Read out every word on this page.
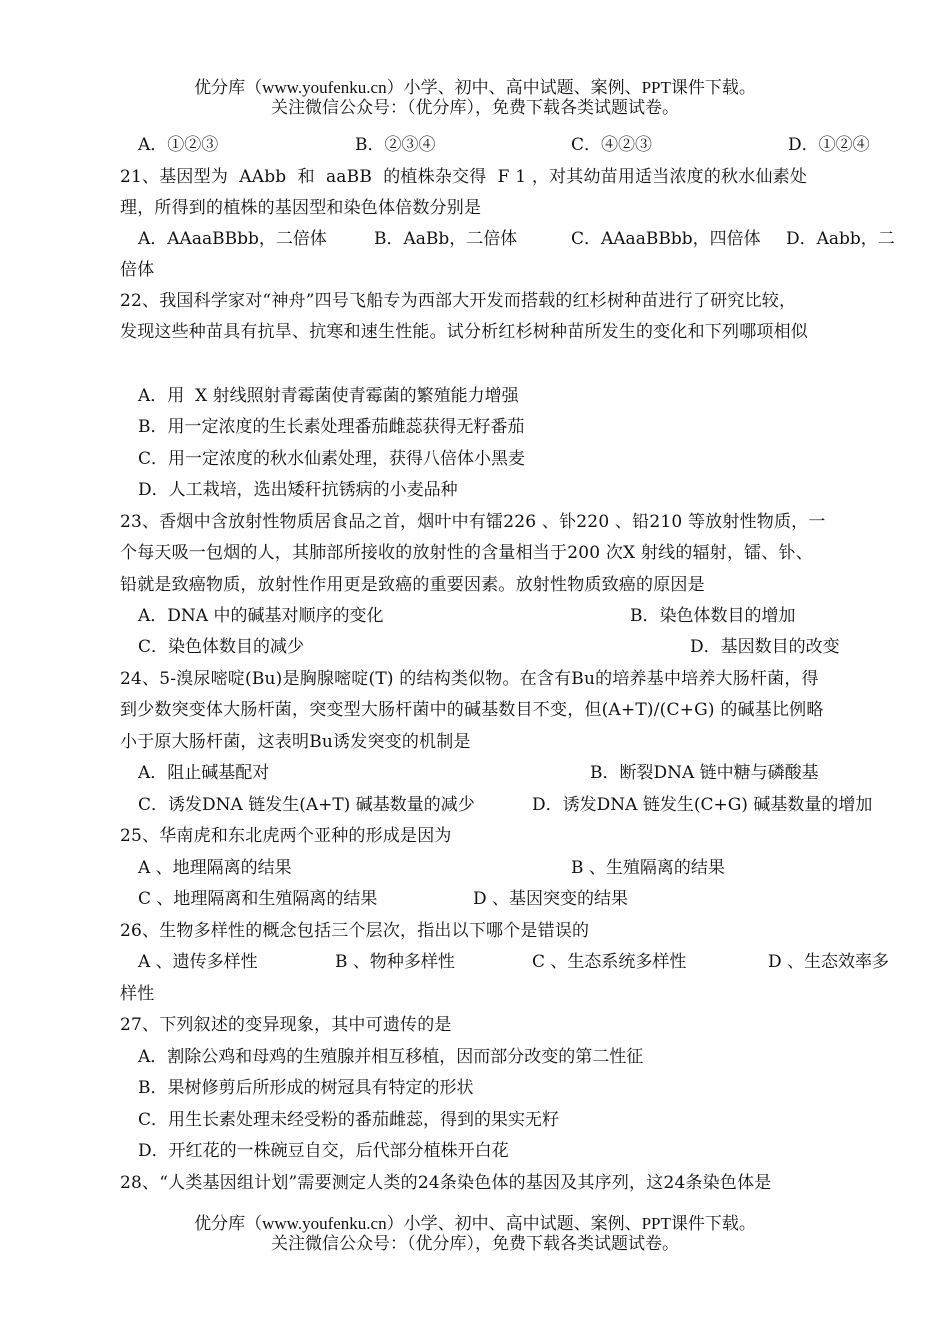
优分库（www.youfenku.cn）小学、初中、高中试题、案例、PPT课件下载。
关注微信公众号：（优分库），免费下载各类试题试卷。
A．①②③	B．②③④	C．④②③	D．①②④
21、基因型为  AAbb  和  aaBB  的植株杂交得  F 1 ，对其幼苗用适当浓度的秋水仙素处
理，所得到的植株的基因型和染色体倍数分别是
A．AAaaBBbb，二倍体	B．AaBb，二倍体	C．AAaaBBbb，四倍体 D．Aabb，二
倍体
22、我国科学家对“神舟”四号飞船专为西部大开发而搭载的红杉树种苗进行了研究比较，
发现这些种苗具有抗旱、抗寒和速生性能。试分析红杉树种苗所发生的变化和下列哪项相似
A．用  X 射线照射青霉菌使青霉菌的繁殖能力增强
B．用一定浓度的生长素处理番茄雌蕊获得无籽番茄
C．用一定浓度的秋水仙素处理，获得八倍体小黑麦
D．人工栽培，选出矮秆抗锈病的小麦品种
23、香烟中含放射性物质居食品之首，烟叶中有镭226 、钋220 、铅210 等放射性物质，一
个每天吸一包烟的人，其肺部所接收的放射性的含量相当于200 次X 射线的辐射，镭、钋、
铅就是致癌物质，放射性作用更是致癌的重要因素。放射性物质致癌的原因是
A．DNA 中的碱基对顺序的变化	B．染色体数目的增加
C．染色体数目的减少	D．基因数目的改变
24、5-溴尿嘧啶(Bu)是胸腺嘧啶(T) 的结构类似物。在含有Bu的培养基中培养大肠杆菌，得
到少数突变体大肠杆菌，突变型大肠杆菌中的碱基数目不变，但(A+T)/(C+G) 的碱基比例略
小于原大肠杆菌，这表明Bu诱发突变的机制是
A．阻止碱基配对	B．断裂DNA 链中糖与磷酸基
C．诱发DNA 链发生(A+T) 碱基数量的减少	D．诱发DNA 链发生(C+G) 碱基数量的增加
25、华南虎和东北虎两个亚种的形成是因为
A 、地理隔离的结果	B 、生殖隔离的结果
C 、地理隔离和生殖隔离的结果	D 、基因突变的结果
26、生物多样性的概念包括三个层次，指出以下哪个是错误的
A 、遗传多样性	B 、物种多样性	C 、生态系统多样性	D 、生态效率多
样性
27、下列叙述的变异现象，其中可遗传的是
A．割除公鸡和母鸡的生殖腺并相互移植，因而部分改变的第二性征
B．果树修剪后所形成的树冠具有特定的形状
C．用生长素处理未经受粉的番茄雌蕊，得到的果实无籽
D．开红花的一株碗豆自交，后代部分植株开白花
28、“人类基因组计划”需要测定人类的24条染色体的基因及其序列，这24条染色体是
优分库（www.youfenku.cn）小学、初中、高中试题、案例、PPT课件下载。
关注微信公众号：（优分库），免费下载各类试题试卷。
